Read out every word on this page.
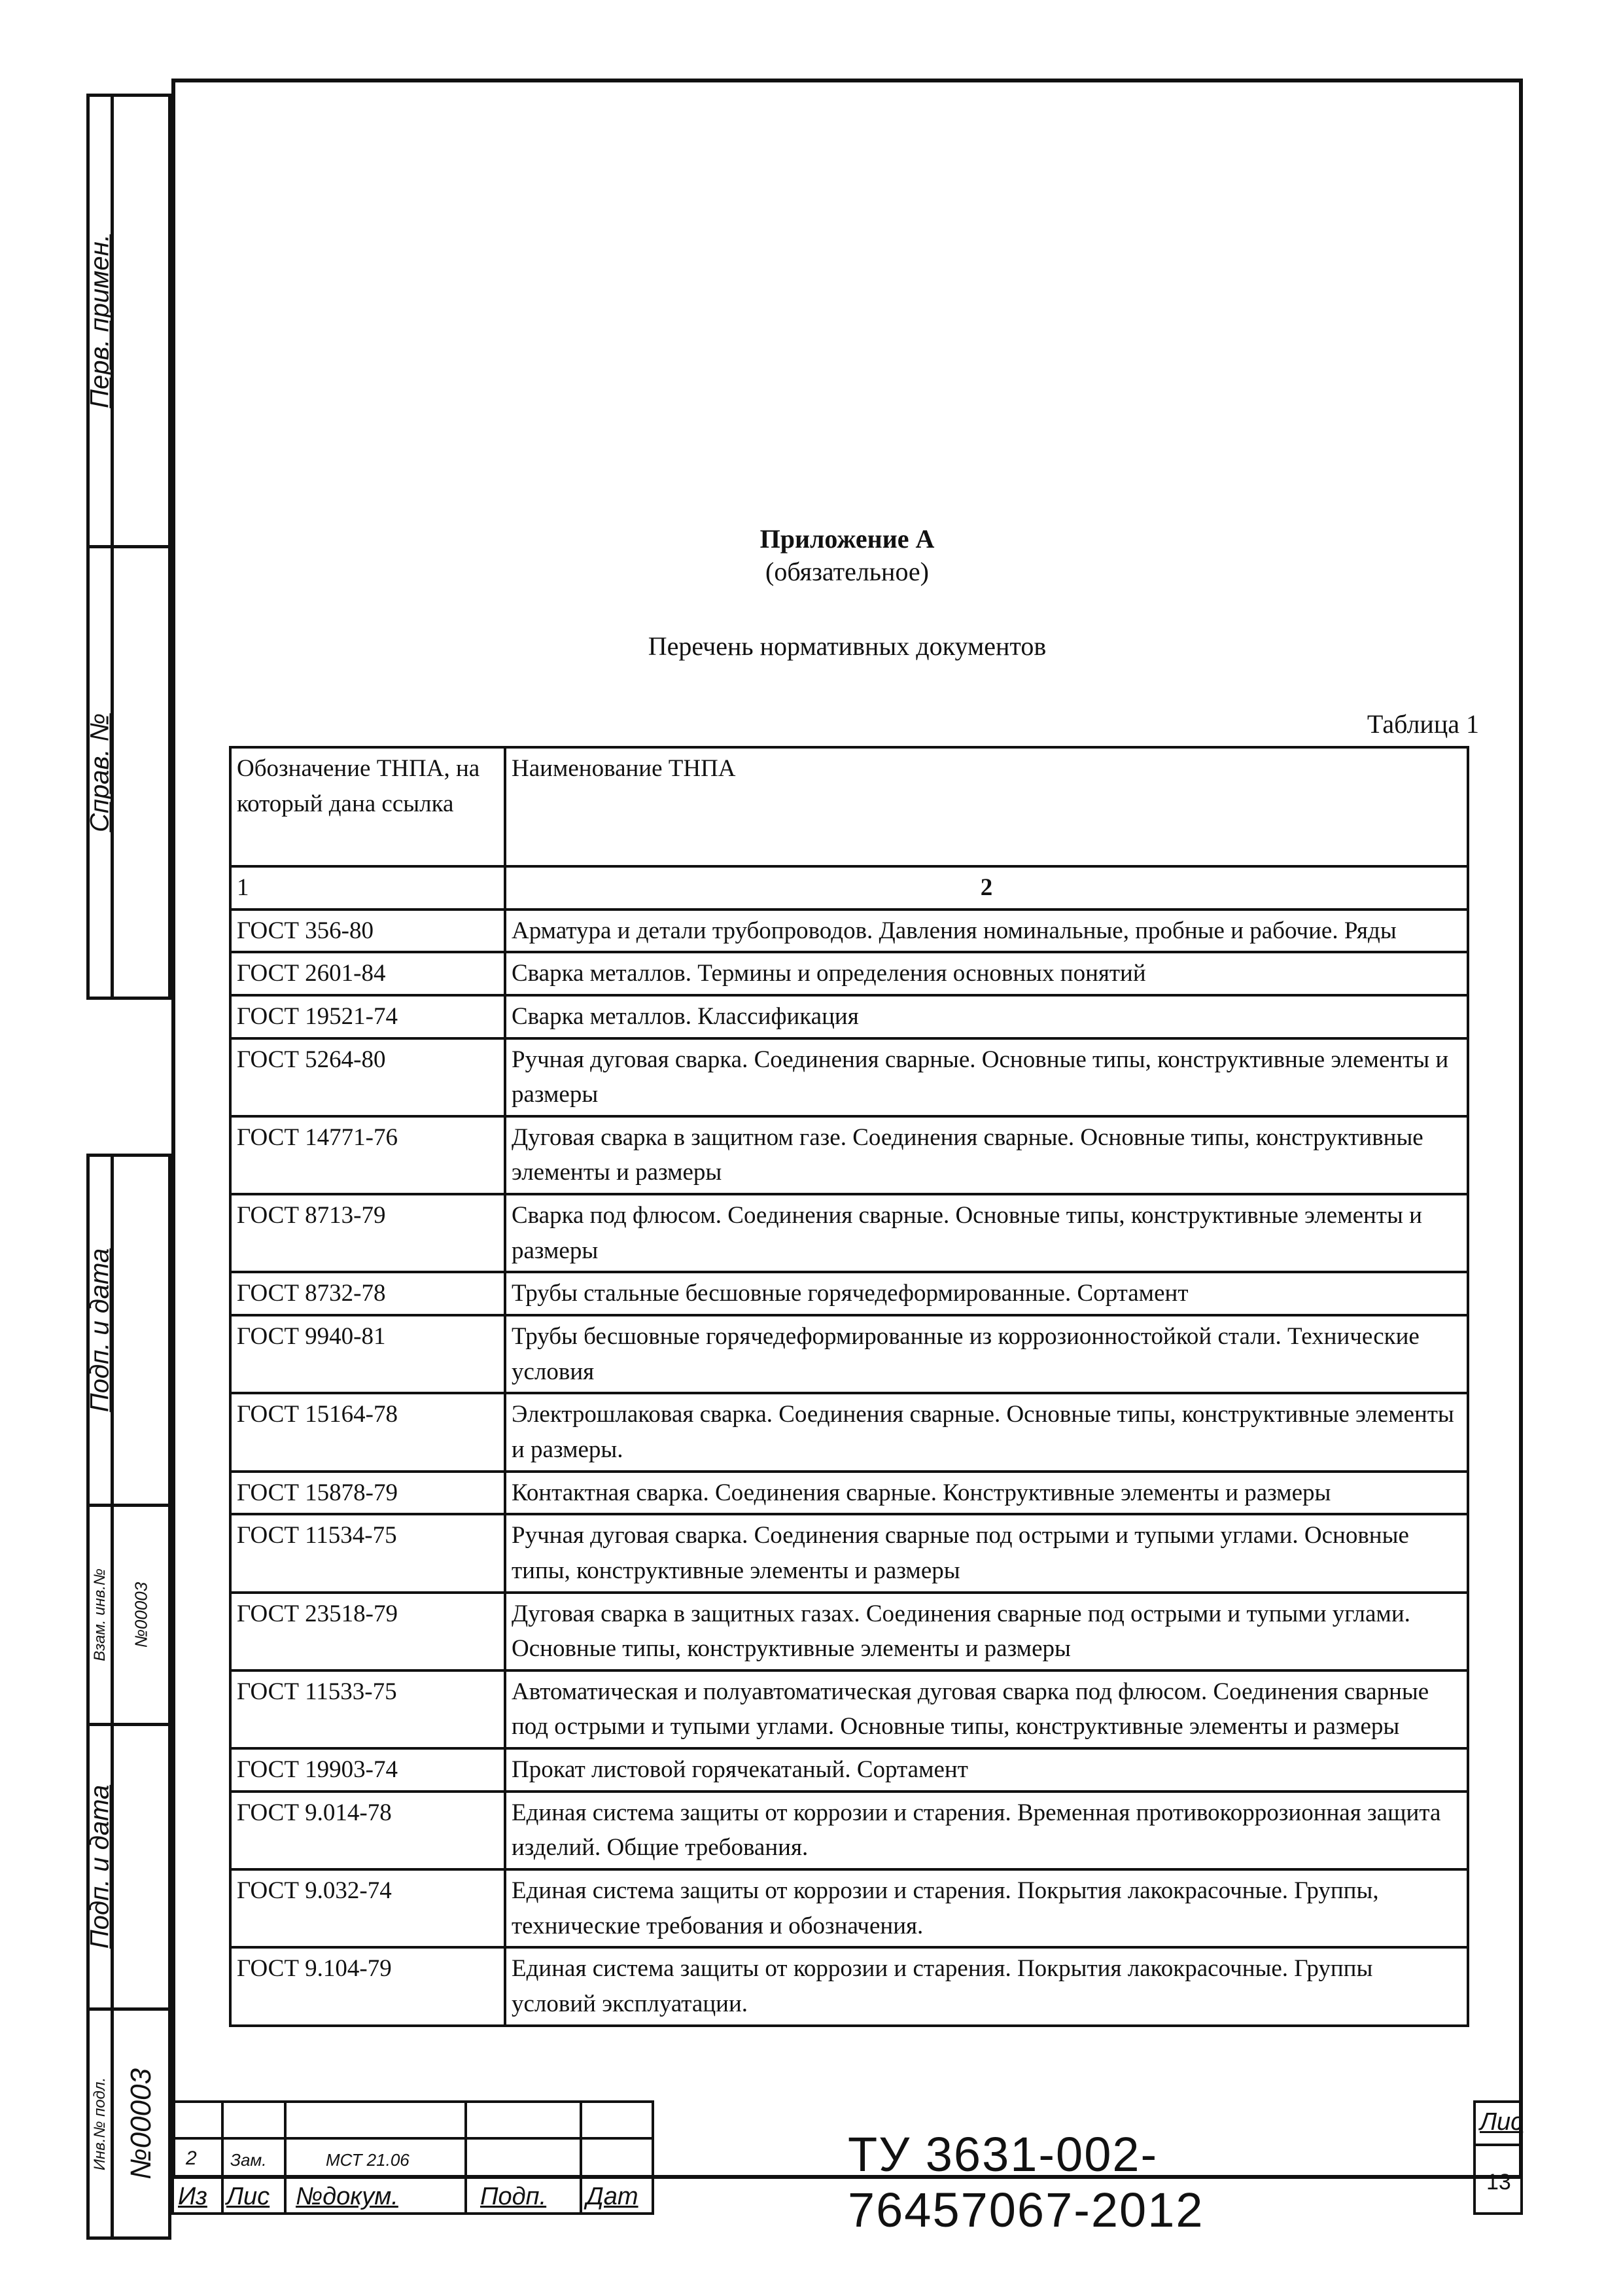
Перв. примен.
Справ. №
Подп. и дата
Взам. инв.№ №00003
Подп. и дата
Инв.№ подл. №00003
Приложение А
(обязательное)
Перечень нормативных документов
Таблица 1
Обозначение ТНПА, на который дана ссылка	Наименование ТНПА
1	2
ГОСТ 356-80	Арматура и детали трубопроводов. Давления номинальные, пробные и рабочие. Ряды
ГОСТ 2601-84	Сварка металлов. Термины и определения основных понятий
ГОСТ 19521-74	Сварка металлов. Классификация
ГОСТ 5264-80	Ручная дуговая сварка. Соединения сварные. Основные типы, конструктивные элементы и размеры
ГОСТ 14771-76	Дуговая сварка в защитном газе. Соединения сварные. Основные типы, конструктивные элементы и размеры
ГОСТ 8713-79	Сварка под флюсом. Соединения сварные. Основные типы, конструктивные элементы и размеры
ГОСТ 8732-78	Трубы стальные бесшовные горячедеформированные. Сортамент
ГОСТ 9940-81	Трубы бесшовные горячедеформированные из коррозионностойкой стали. Технические условия
ГОСТ 15164-78	Электрошлаковая сварка. Соединения сварные. Основные типы, конструктивные элементы и размеры.
ГОСТ 15878-79	Контактная сварка. Соединения сварные. Конструктивные элементы и размеры
ГОСТ 11534-75	Ручная дуговая сварка. Соединения сварные под острыми и тупыми углами. Основные типы, конструктивные элементы и размеры
ГОСТ 23518-79	Дуговая сварка в защитных газах. Соединения сварные под острыми и тупыми углами. Основные типы, конструктивные элементы и размеры
ГОСТ 11533-75	Автоматическая и полуавтоматическая дуговая сварка под флюсом. Соединения сварные под острыми и тупыми углами. Основные типы, конструктивные элементы и размеры
ГОСТ 19903-74	Прокат листовой горячекатаный. Сортамент
ГОСТ 9.014-78	Единая система защиты от коррозии и старения. Временная противокоррозионная защита изделий. Общие требования.
ГОСТ 9.032-74	Единая система защиты от коррозии и старения. Покрытия лакокрасочные. Группы, технические требования и обозначения.
ГОСТ 9.104-79	Единая система защиты от коррозии и старения. Покрытия лакокрасочные. Группы условий эксплуатации.
2	Зам.	МСТ 21.06
Из Лис	№докум.	Подп.	Дат
ТУ 3631-002-76457067-2012
Лис
13
